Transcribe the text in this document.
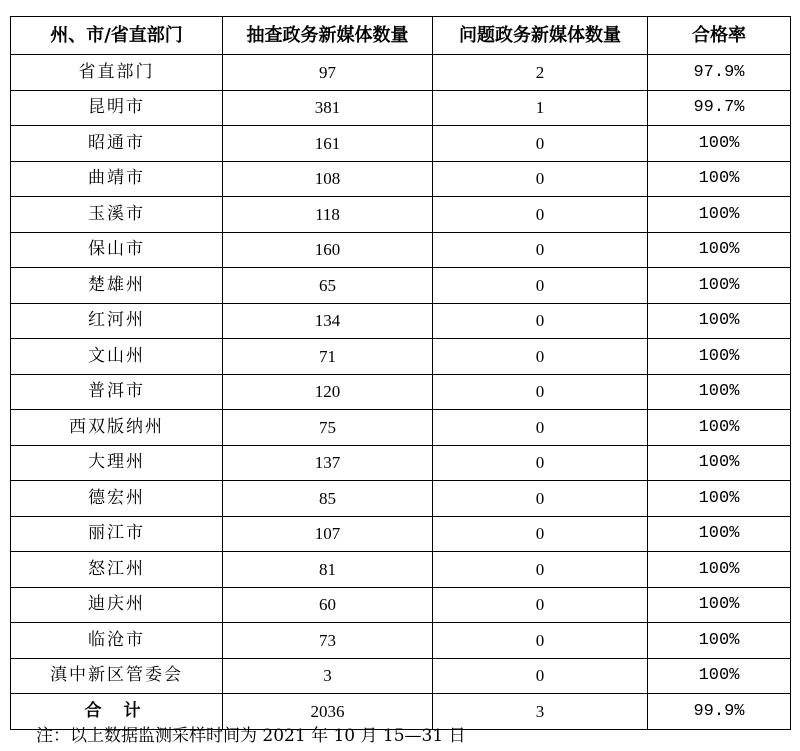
州、市/省直部门	抽查政务新媒体数量	问题政务新媒体数量	合格率
省直部门	97	2	97.9%
昆明市	381	1	99.7%
昭通市	161	0	100%
曲靖市	108	0	100%
玉溪市	118	0	100%
保山市	160	0	100%
楚雄州	65	0	100%
红河州	134	0	100%
文山州	71	0	100%
普洱市	120	0	100%
西双版纳州	75	0	100%
大理州	137	0	100%
德宏州	85	0	100%
丽江市	107	0	100%
怒江州	81	0	100%
迪庆州	60	0	100%
临沧市	73	0	100%
滇中新区管委会	3	0	100%
合 计	2036	3	99.9%
注：以上数据监测采样时间为 2021 年 10 月 15—31 日
